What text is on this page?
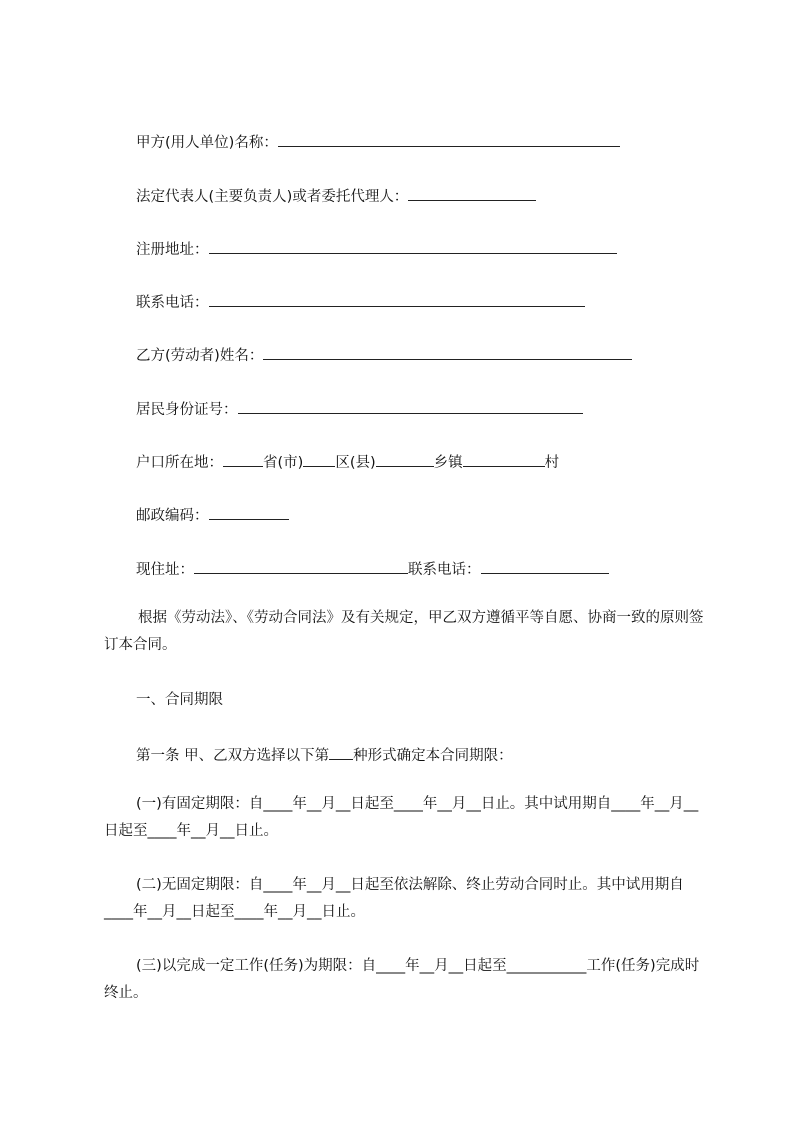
甲方(用人单位)名称：
法定代表人(主要负责人)或者委托代理人：
注册地址：
联系电话：
乙方(劳动者)姓名：
居民身份证号：
户口所在地：	省(市) 区(县)	乡镇	村
邮政编码：
现住址：	联系电话：
根据《劳动法》、《劳动合同法》及有关规定，甲乙双方遵循平等自愿、协商一致的原则签订本合同。
一、合同期限
第一条 甲、乙双方选择以下第 种形式确定本合同期限：
(一)有固定期限：自____年__月__日起至____年__月__日止。其中试用期自____年__月__日起至____年__月__日止。
(二)无固定期限：自____年__月__日起至依法解除、终止劳动合同时止。其中试用期自____年__月__日起至____年__月__日止。
(三)以完成一定工作(任务)为期限：自____年__月__日起至___________工作(任务)完成时终止。
